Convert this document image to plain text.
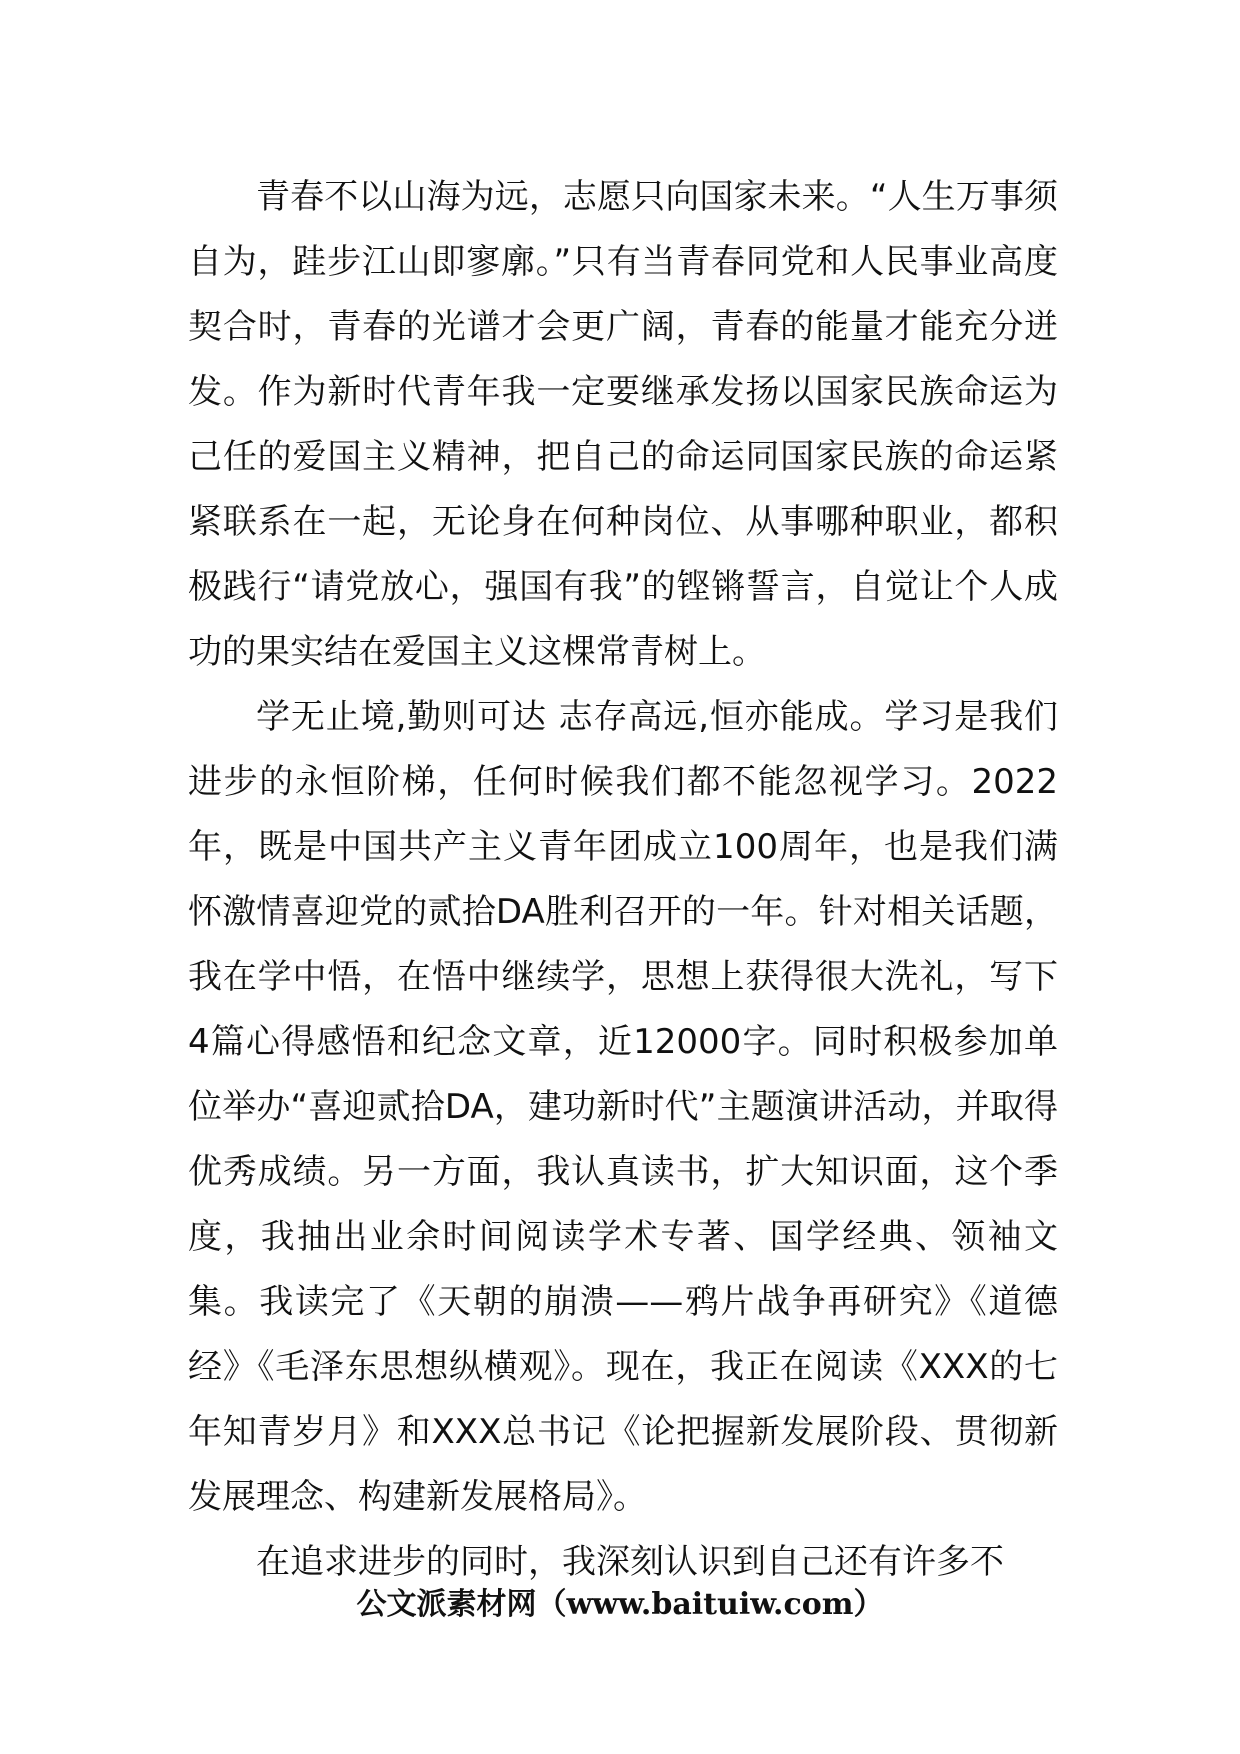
青春不以山海为远，志愿只向国家未来。“人生万事须自为，跬步江山即寥廓。”只有当青春同党和人民事业高度契合时，青春的光谱才会更广阔，青春的能量才能充分迸发。作为新时代青年我一定要继承发扬以国家民族命运为己任的爱国主义精神，把自己的命运同国家民族的命运紧紧联系在一起，无论身在何种岗位、从事哪种职业，都积极践行“请党放心，强国有我”的铿锵誓言，自觉让个人成功的果实结在爱国主义这棵常青树上。

学无止境,勤则可达 志存高远,恒亦能成。学习是我们进步的永恒阶梯，任何时候我们都不能忽视学习。2022年，既是中国共产主义青年团成立100周年，也是我们满怀激情喜迎党的贰拾DA胜利召开的一年。针对相关话题，我在学中悟，在悟中继续学，思想上获得很大洗礼，写下4篇心得感悟和纪念文章，近12000字。同时积极参加单位举办“喜迎贰拾DA，建功新时代”主题演讲活动，并取得优秀成绩。另一方面，我认真读书，扩大知识面，这个季度，我抽出业余时间阅读学术专著、国学经典、领袖文集。我读完了《天朝的崩溃——鸦片战争再研究》《道德经》《毛泽东思想纵横观》。现在，我正在阅读《XXX的七年知青岁月》和XXX总书记《论把握新发展阶段、贯彻新发展理念、构建新发展格局》。

在追求进步的同时，我深刻认识到自己还有许多不

公文派素材网（www.baituiw.com）
